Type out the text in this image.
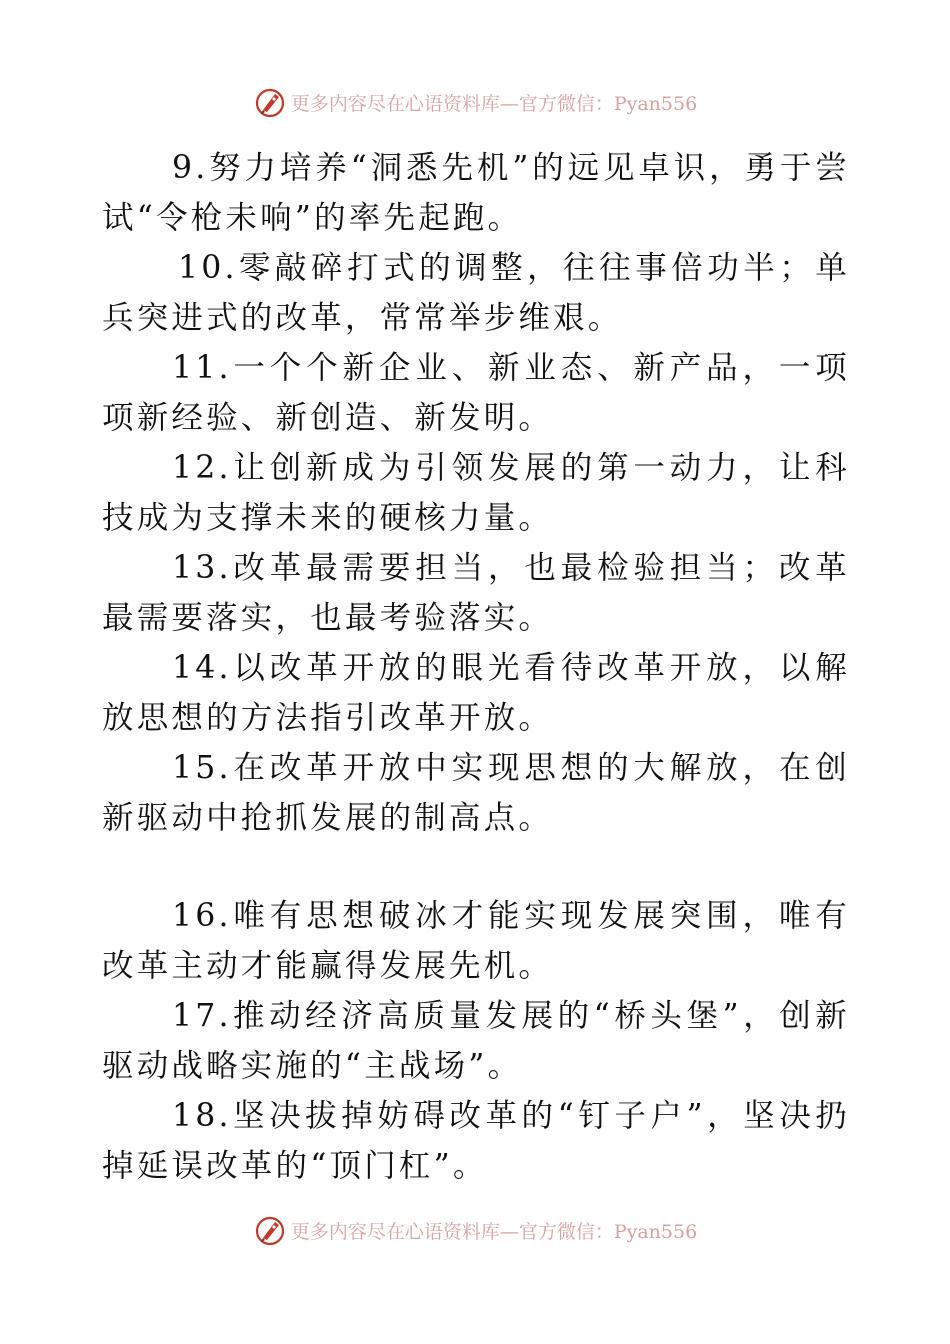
更多内容尽在心语资料库—官方微信：Pyan556

9.努力培养“洞悉先机”的远见卓识，勇于尝试“令枪未响”的率先起跑。

10.零敲碎打式的调整，往往事倍功半；单兵突进式的改革，常常举步维艰。

11.一个个新企业、新业态、新产品，一项项新经验、新创造、新发明。

12.让创新成为引领发展的第一动力，让科技成为支撑未来的硬核力量。

13.改革最需要担当，也最检验担当；改革最需要落实，也最考验落实。

14.以改革开放的眼光看待改革开放，以解放思想的方法指引改革开放。

15.在改革开放中实现思想的大解放，在创新驱动中抢抓发展的制高点。

16.唯有思想破冰才能实现发展突围，唯有改革主动才能赢得发展先机。

17.推动经济高质量发展的“桥头堡”，创新驱动战略实施的“主战场”。

18.坚决拔掉妨碍改革的“钉子户”，坚决扔掉延误改革的“顶门杠”。

更多内容尽在心语资料库—官方微信：Pyan556
